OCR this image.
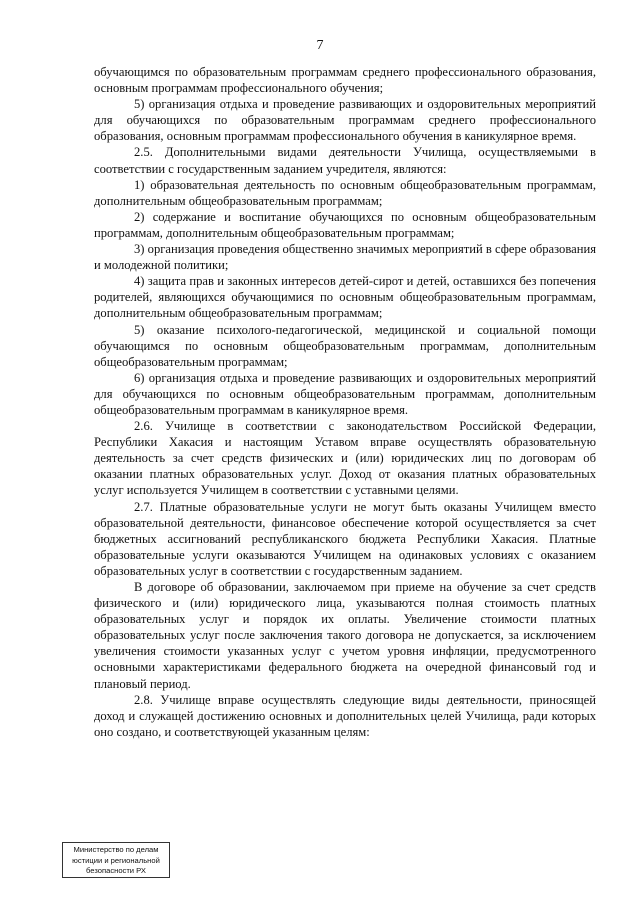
7

обучающимся по образовательным программам среднего профессионального образования, основным программам профессионального обучения;

5) организация отдыха и проведение развивающих и оздоровительных мероприятий для обучающихся по образовательным программам среднего профессионального образования, основным программам профессионального обучения в каникулярное время.

2.5. Дополнительными видами деятельности Училища, осуществляемыми в соответствии с государственным заданием учредителя, являются:

1) образовательная деятельность по основным общеобразовательным программам, дополнительным общеобразовательным программам;

2) содержание и воспитание обучающихся по основным общеобразовательным программам, дополнительным общеобразовательным программам;

3) организация проведения общественно значимых мероприятий в сфере образования и молодежной политики;

4) защита прав и законных интересов детей-сирот и детей, оставшихся без попечения родителей, являющихся обучающимися по основным общеобразовательным программам, дополнительным общеобразовательным программам;

5) оказание психолого-педагогической, медицинской и социальной помощи обучающимся по основным общеобразовательным программам, дополнительным общеобразовательным программам;

6) организация отдыха и проведение развивающих и оздоровительных мероприятий для обучающихся по основным общеобразовательным программам, дополнительным общеобразовательным программам в каникулярное время.

2.6. Училище в соответствии с законодательством Российской Федерации, Республики Хакасия и настоящим Уставом вправе осуществлять образовательную деятельность за счет средств физических и (или) юридических лиц по договорам об оказании платных образовательных услуг. Доход от оказания платных образовательных услуг используется Училищем в соответствии с уставными целями.

2.7. Платные образовательные услуги не могут быть оказаны Училищем вместо образовательной деятельности, финансовое обеспечение которой осуществляется за счет бюджетных ассигнований республиканского бюджета Республики Хакасия. Платные образовательные услуги оказываются Училищем на одинаковых условиях с оказанием образовательных услуг в соответствии с государственным заданием.

В договоре об образовании, заключаемом при приеме на обучение за счет средств физического и (или) юридического лица, указываются полная стоимость платных образовательных услуг и порядок их оплаты. Увеличение стоимости платных образовательных услуг после заключения такого договора не допускается, за исключением увеличения стоимости указанных услуг с учетом уровня инфляции, предусмотренного основными характеристиками федерального бюджета на очередной финансовый год и плановый период.

2.8. Училище вправе осуществлять следующие виды деятельности, приносящей доход и служащей достижению основных и дополнительных целей Училища, ради которых оно создано, и соответствующей указанным целям:

Министерство по делам
юстиции и региональной
безопасности РХ
